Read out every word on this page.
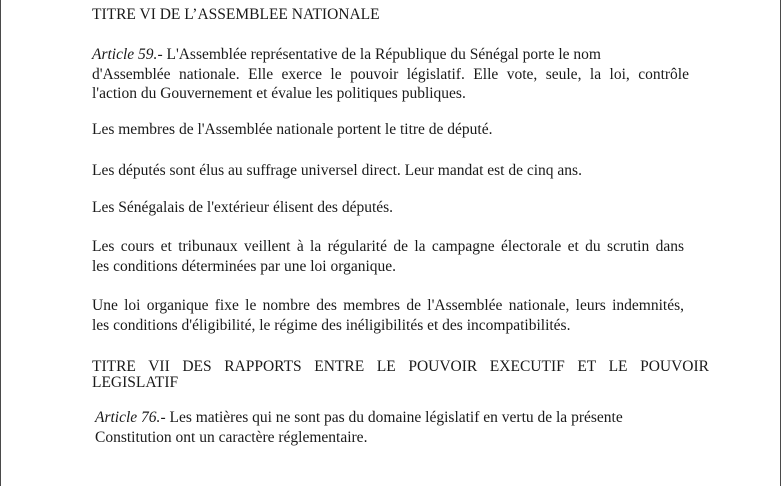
TITRE VI DE L’ASSEMBLEE NATIONALE

Article 59.- L'Assemblée représentative de la République du Sénégal porte le nom

d'Assemblée nationale. Elle exerce le pouvoir législatif. Elle vote, seule, la loi, contrôle

l'action du Gouvernement et évalue les politiques publiques.

Les membres de l'Assemblée nationale portent le titre de député.

Les députés sont élus au suffrage universel direct. Leur mandat est de cinq ans.

Les Sénégalais de l'extérieur élisent des députés.

Les cours et tribunaux veillent à la régularité de la campagne électorale et du scrutin dans

les conditions déterminées par une loi organique.

Une loi organique fixe le nombre des membres de l'Assemblée nationale, leurs indemnités,

les conditions d'éligibilité, le régime des inéligibilités et des incompatibilités.

TITRE VII DES RAPPORTS ENTRE LE POUVOIR EXECUTIF ET LE POUVOIR

LEGISLATIF

Article 76.- Les matières qui ne sont pas du domaine législatif en vertu de la présente

Constitution ont un caractère réglementaire.
